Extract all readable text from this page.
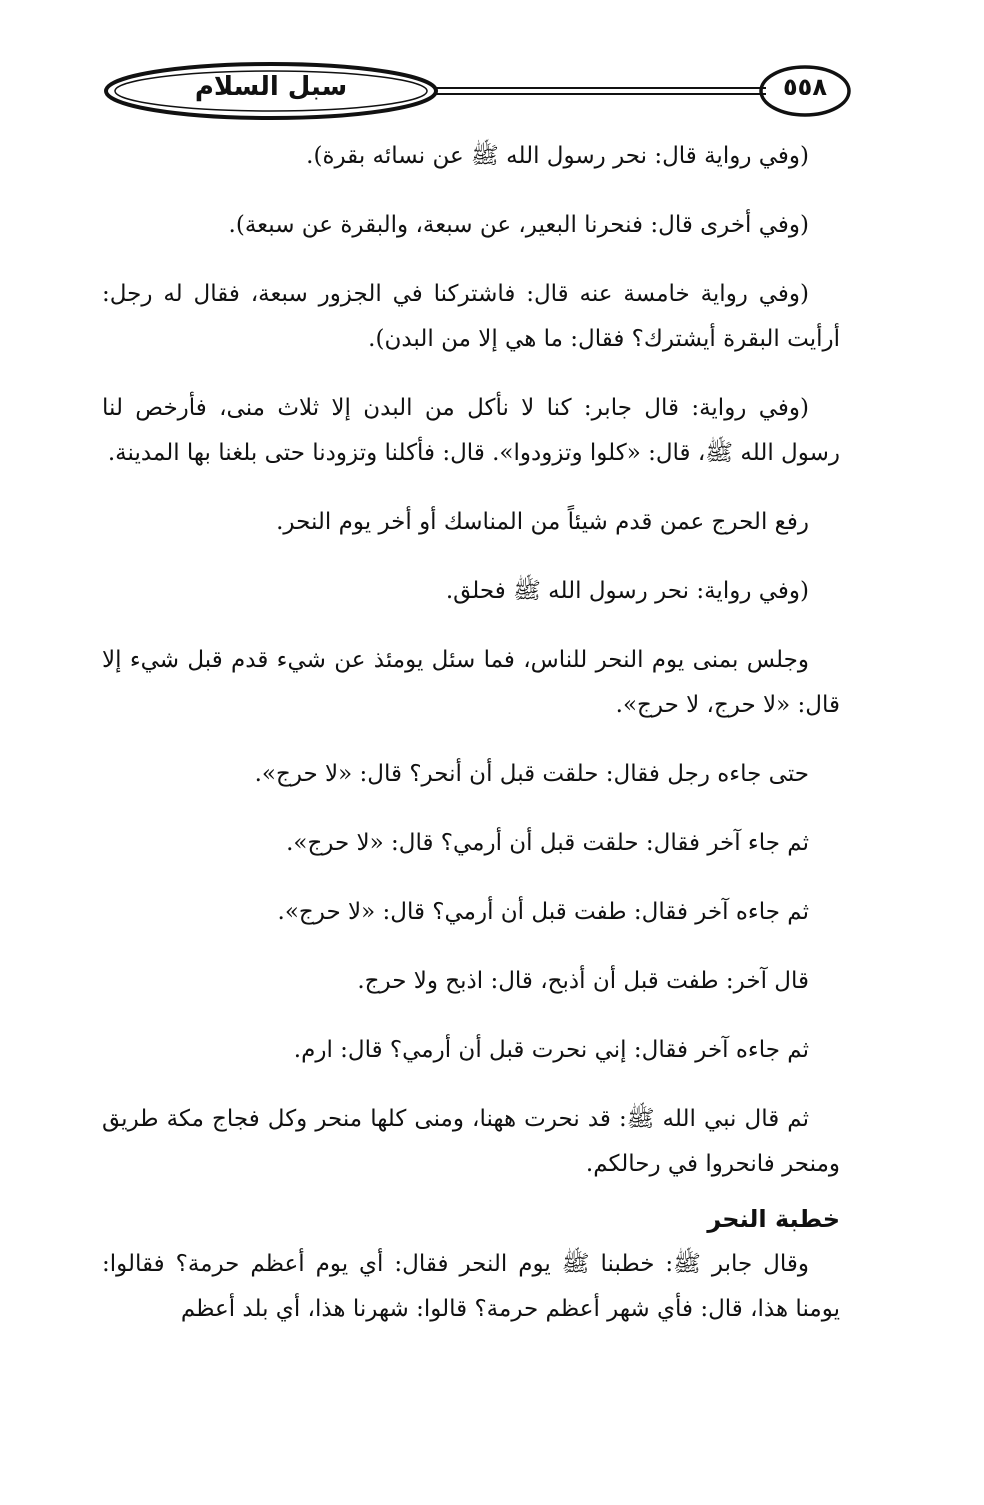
سبل السلام	٥٥٨

(وفي رواية قال: نحر رسول الله ﷺ عن نسائه بقرة).

(وفي أخرى قال: فنحرنا البعير، عن سبعة، والبقرة عن سبعة).

(وفي رواية خامسة عنه قال: فاشتركنا في الجزور سبعة، فقال له رجل: أرأيت البقرة أيشترك؟ فقال: ما هي إلا من البدن).

(وفي رواية: قال جابر: كنا لا نأكل من البدن إلا ثلاث منى، فأرخص لنا رسول الله ﷺ، قال: «كلوا وتزودوا». قال: فأكلنا وتزودنا حتى بلغنا بها المدينة.

رفع الحرج عمن قدم شيئاً من المناسك أو أخر يوم النحر.

(وفي رواية: نحر رسول الله ﷺ فحلق.

وجلس بمنى يوم النحر للناس، فما سئل يومئذ عن شيء قدم قبل شيء إلا قال: «لا حرج، لا حرج».

حتى جاءه رجل فقال: حلقت قبل أن أنحر؟ قال: «لا حرج».

ثم جاء آخر فقال: حلقت قبل أن أرمي؟ قال: «لا حرج».

ثم جاءه آخر فقال: طفت قبل أن أرمي؟ قال: «لا حرج».

قال آخر: طفت قبل أن أذبح، قال: اذبح ولا حرج.

ثم جاءه آخر فقال: إني نحرت قبل أن أرمي؟ قال: ارم.

ثم قال نبي الله ﷺ: قد نحرت ههنا، ومنى كلها منحر وكل فجاج مكة طريق ومنحر فانحروا في رحالكم.

خطبة النحر

وقال جابر ﷺ: خطبنا ﷺ يوم النحر فقال: أي يوم أعظم حرمة؟ فقالوا: يومنا هذا، قال: فأي شهر أعظم حرمة؟ قالوا: شهرنا هذا، أي بلد أعظم
